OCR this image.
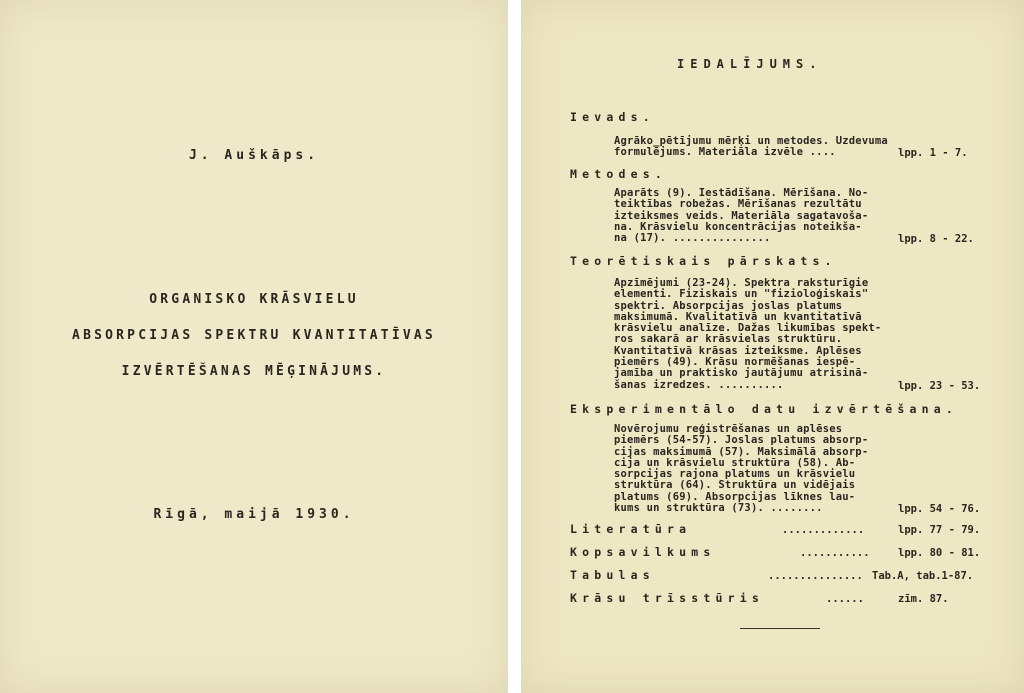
J. Auškāps.
ORGANISKO KRĀSVIELU
ABSORPCIJAS SPEKTRU KVANTITATĪVAS
IZVĒRTĒŠANAS MĒĢINĀJUMS.
Rīgā, maijā 1930.
IEDALĪJUMS.
Ievads.
Agrāko_pētījumu mērķi un metodes. Uzdevuma
formulējums. Materiāla izvēle ....	lpp. 1 - 7.
Metodes.
Aparāts (9). Iestādīšana. Mērīšana. No-
teiktības robežas. Mērīšanas rezultātu
izteiksmes veids. Materiāla sagatavoša-
na. Krāsvielu koncentrācijas noteikša-
na (17). ...............	lpp. 8 - 22.
Teorētiskais pārskats.
Apzīmējumi (23-24). Spektra raksturīgie
elementi. Fiziskais un "fizioloģiskais"
spektri. Absorpcijas joslas platums
maksimumā. Kvalitatīvā un kvantitatīvā
krāsvielu analīze. Dažas likumības spekt-
ros sakarā ar krāsvielas struktūru.
Kvantitatīvā krāsas izteiksme. Aplēses
piemērs (49). Krāsu normēšanas iespē-
jamība un praktisko jautājumu atrisinā-
šanas izredzes. ..........	lpp. 23 - 53.
Eksperimentālo datu izvērtēšana.
Novērojumu reģistrēšanas un aplēses
piemērs (54-57). Joslas platums absorp-
cijas maksimumā (57). Maksimālā absorp-
cija un krāsvielu struktūra (58). Ab-
sorpcijas rajona platums un krāsvielu
struktūra (64). Struktūra un vidējais
platums (69). Absorpcijas līknes lau-
kums un struktūra (73). ........	lpp. 54 - 76.
Literatūra	.............	lpp. 77 - 79.
Kopsavilkums	...........	lpp. 80 - 81.
Tabulas	............... Tab.A, tab.1-87.
Krāsu trīsstūris	......	zīm. 87.
